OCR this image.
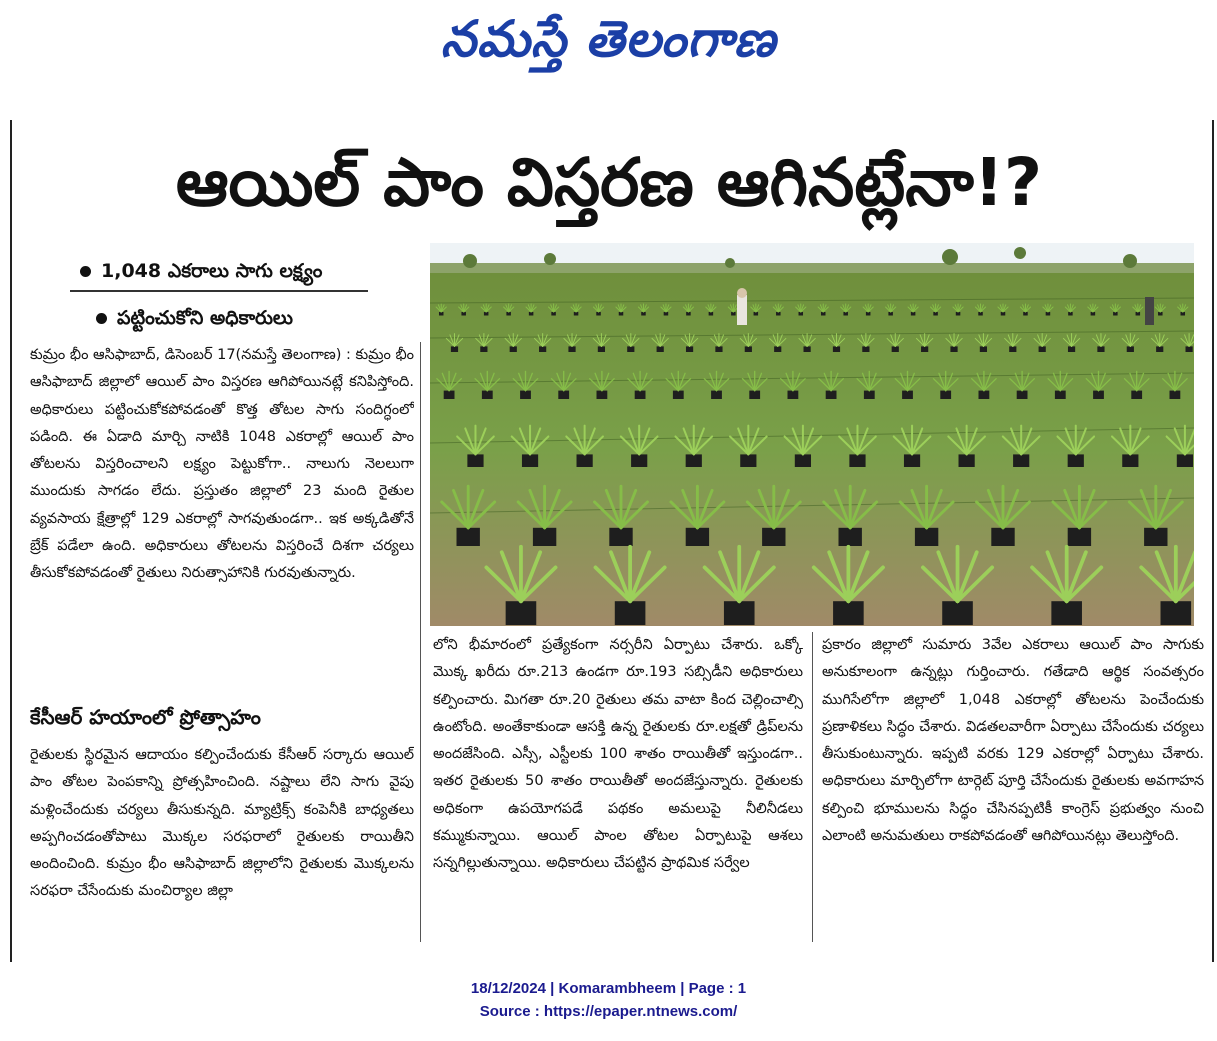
నమస్తే తెలంగాణ
ఆయిల్ పాం విస్తరణ ఆగినట్లేనా!?
1,048 ఎకరాలు సాగు లక్ష్యం
పట్టించుకోని అధికారులు
కుమ్రం భీం ఆసిఫాబాద్, డిసెంబర్ 17(నమస్తే తెలంగాణ) : కుమ్రం భీం ఆసిఫాబాద్ జిల్లాలో ఆయిల్ పాం విస్తరణ ఆగిపోయినట్లే కనిపిస్తోంది. అధికారులు పట్టించుకోకపోవడంతో కొత్త తోటల సాగు సందిగ్ధంలో పడింది. ఈ ఏడాది మార్చి నాటికి 1048 ఎకరాల్లో ఆయిల్ పాం తోటలను విస్తరించాలని లక్ష్యం పెట్టుకోగా.. నాలుగు నెలలుగా ముందుకు సాగడం లేదు. ప్రస్తుతం జిల్లాలో 23 మంది రైతుల వ్యవసాయ క్షేత్రాల్లో 129 ఎకరాల్లో సాగవుతుండగా.. ఇక అక్కడితోనే బ్రేక్ పడేలా ఉంది. అధికారులు తోటలను విస్తరించే దిశగా చర్యలు తీసుకోకపోవడంతో రైతులు నిరుత్సాహానికి గురవుతున్నారు.
కేసీఆర్ హయాంలో ప్రోత్సాహం
రైతులకు స్థిరమైన ఆదాయం కల్పించేందుకు కేసీఆర్ సర్కారు ఆయిల్ పాం తోటల పెంపకాన్ని ప్రోత్సహించింది. నష్టాలు లేని సాగు వైపు మళ్లించేందుకు చర్యలు తీసుకున్నది. మ్యాట్రిక్స్ కంపెనీకి బాధ్యతలు అప్పగించడంతోపాటు మొక్కల సరఫరాలో రైతులకు రాయితీని అందించింది. కుమ్రం భీం ఆసిఫాబాద్ జిల్లాలోని రైతులకు మొక్కలను సరఫరా చేసేందుకు మంచిర్యాల జిల్లా
లోని భీమారంలో ప్రత్యేకంగా నర్సరీని ఏర్పాటు చేశారు. ఒక్కో మొక్క ఖరీదు రూ.213 ఉండగా రూ.193 సబ్సిడీని అధికారులు కల్పించారు. మిగతా రూ.20 రైతులు తమ వాటా కింద చెల్లించాల్సి ఉంటోంది. అంతేకాకుండా ఆసక్తి ఉన్న రైతులకు రూ.లక్షతో డ్రిప్‌లను అందజేసింది. ఎస్సీ, ఎస్టీలకు 100 శాతం రాయితీతో ఇస్తుండగా.. ఇతర రైతులకు 50 శాతం రాయితీతో అందజేస్తున్నారు. రైతులకు అధికంగా ఉపయోగపడే పథకం అమలుపై నీలినీడలు కమ్ముకున్నాయి. ఆయిల్ పాంల తోటల ఏర్పాటుపై ఆశలు సన్నగిల్లుతున్నాయి. అధికారులు చేపట్టిన ప్రాథమిక సర్వేల
ప్రకారం జిల్లాలో సుమారు 3వేల ఎకరాలు ఆయిల్ పాం సాగుకు అనుకూలంగా ఉన్నట్లు గుర్తించారు. గతేడాది ఆర్థిక సంవత్సరం ముగిసేలోగా జిల్లాలో 1,048 ఎకరాల్లో తోటలను పెంచేందుకు ప్రణాళికలు సిద్ధం చేశారు. విడతలవారీగా ఏర్పాటు చేసేందుకు చర్యలు తీసుకుంటున్నారు. ఇప్పటి వరకు 129 ఎకరాల్లో ఏర్పాటు చేశారు. అధికారులు మార్చిలోగా టార్గెట్ పూర్తి చేసేందుకు రైతులకు అవగాహన కల్పించి భూములను సిద్ధం చేసినప్పటికీ కాంగ్రెస్ ప్రభుత్వం నుంచి ఎలాంటి అనుమతులు రాకపోవడంతో ఆగిపోయినట్లు తెలుస్తోంది.
18/12/2024 | Komarambheem | Page : 1
Source : https://epaper.ntnews.com/
